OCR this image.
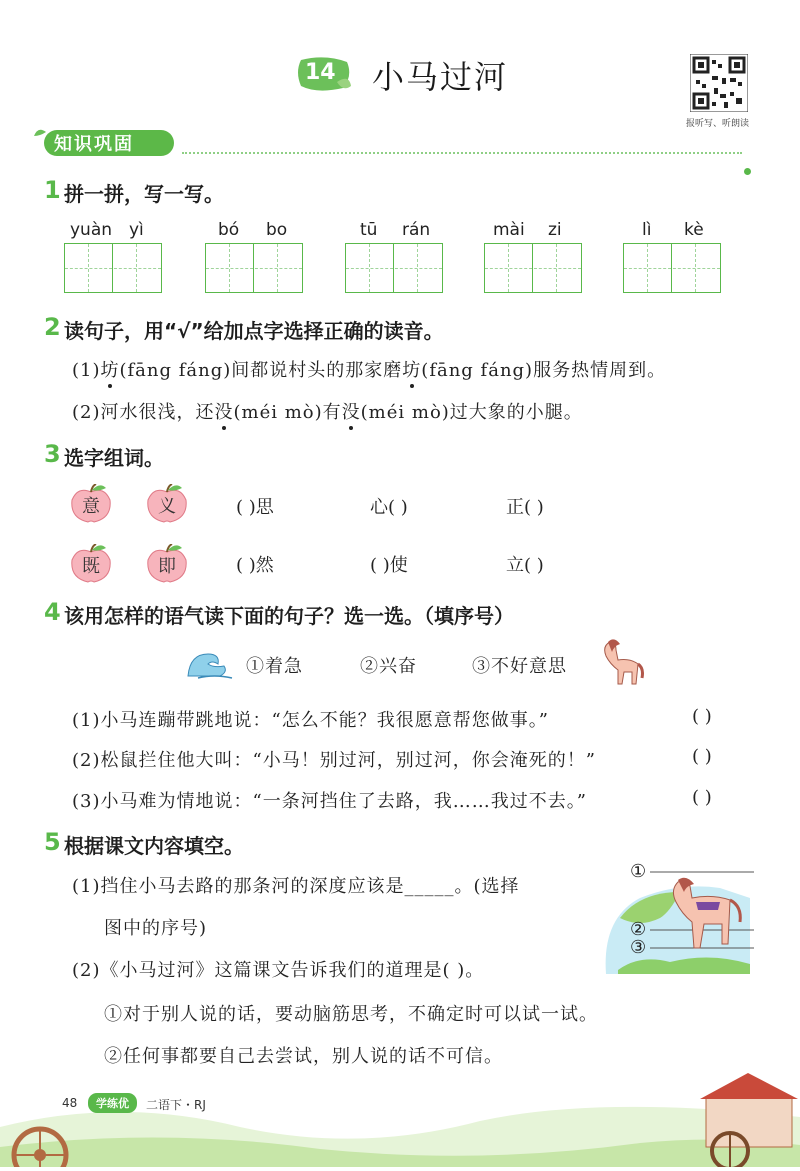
14 小马过河
报听写、听朗读
知识巩固
1 拼一拼，写一写。
yuàn yì	bó bo	tū rán	mài zi	lì kè
2 读句子，用“√”给加点字选择正确的读音。
(1)坊(fāng fáng)间都说村头的那家磨坊(fāng fáng)服务热情周到。
(2)河水很浅，还没(méi mò)有没(méi mò)过大象的小腿。
3 选字组词。
意	义	( )思	心( )	正( )
既	即	( )然	( )使	立( )
4 该用怎样的语气读下面的句子？选一选。（填序号）
①着急	②兴奋	③不好意思
(1)小马连蹦带跳地说：“怎么不能？我很愿意帮您做事。”	( )
(2)松鼠拦住他大叫：“小马！别过河，别过河，你会淹死的！”	( )
(3)小马难为情地说：“一条河挡住了去路，我……我过不去。”	( )
5 根据课文内容填空。
(1)挡住小马去路的那条河的深度应该是_____。(选择
图中的序号)
(2)《小马过河》这篇课文告诉我们的道理是( )。
①对于别人说的话，要动脑筋思考，不确定时可以试一试。
②任何事都要自己去尝试，别人说的话不可信。
①
②
③
48	学练优	二语下・RJ
